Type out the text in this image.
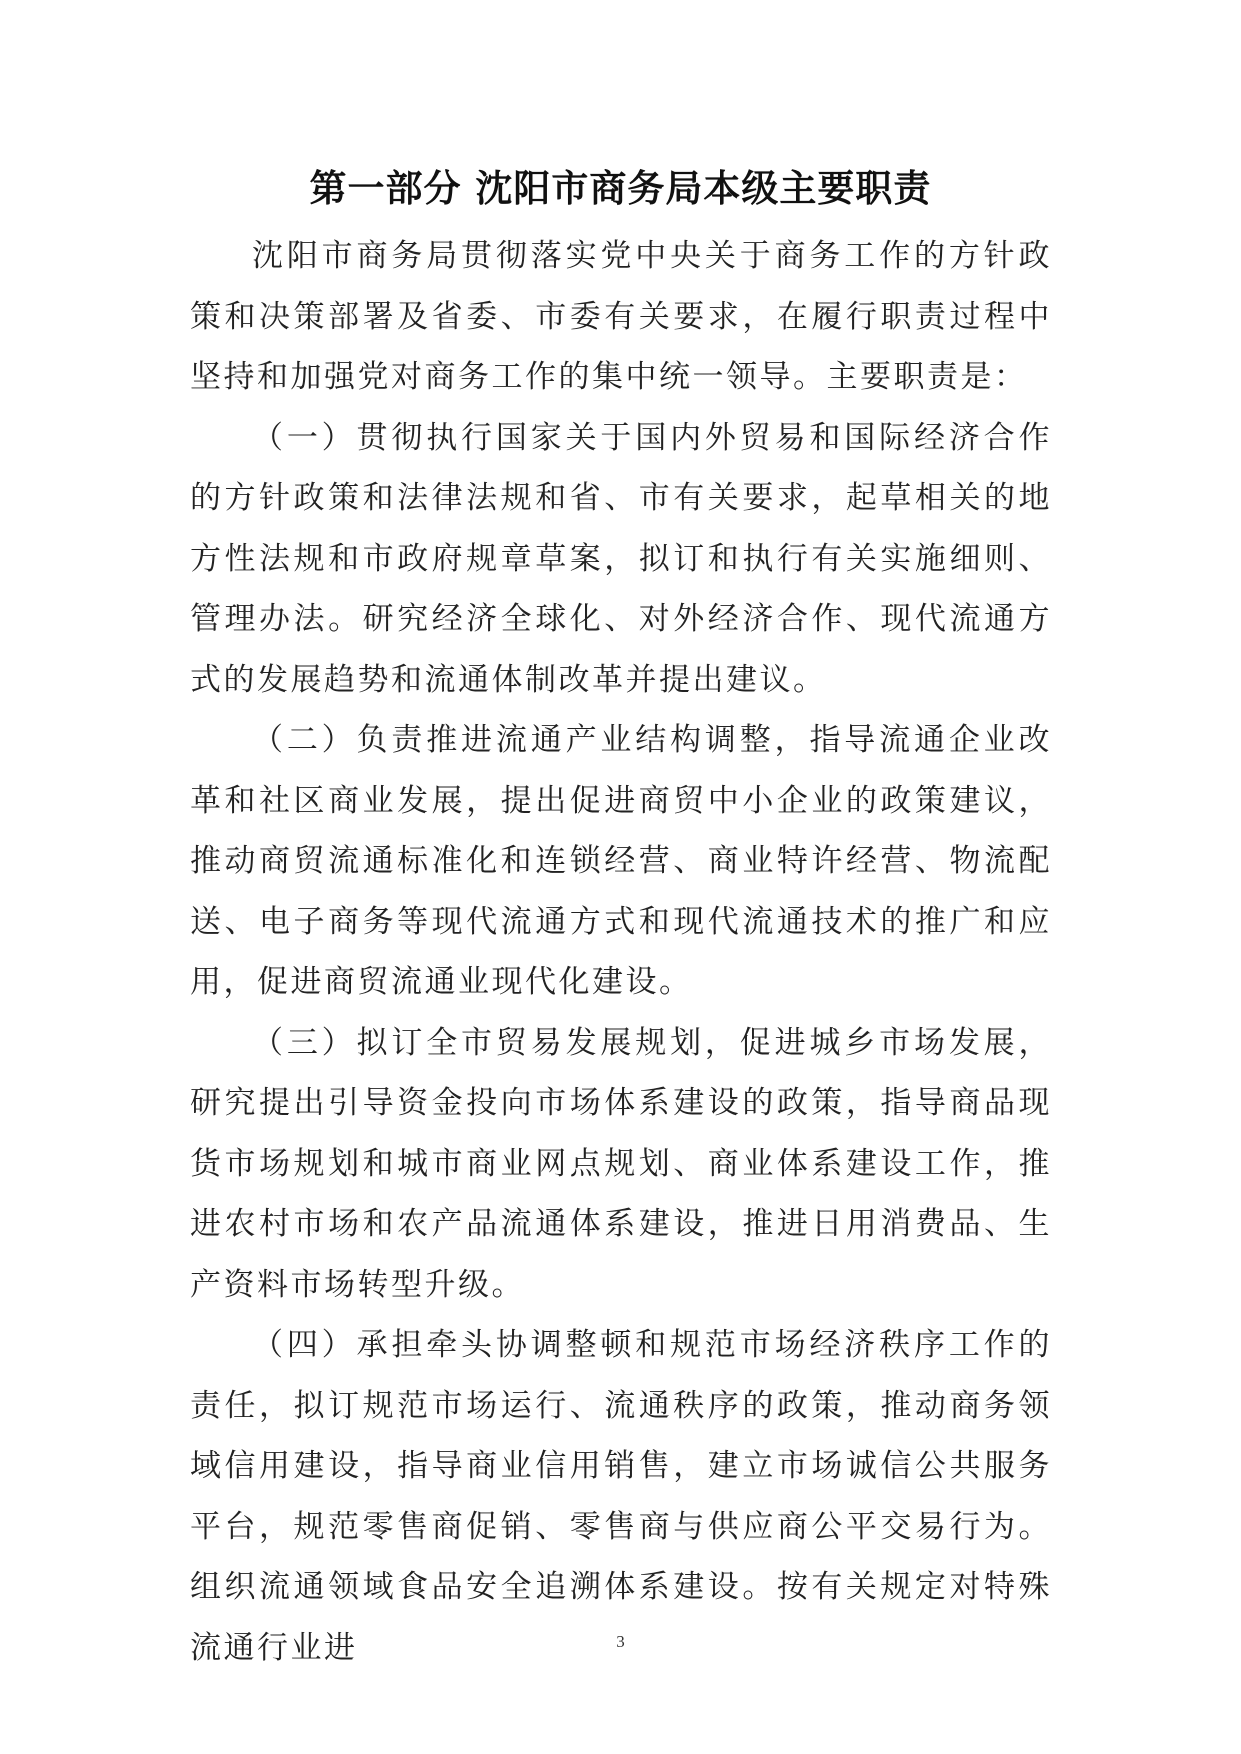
第一部分 沈阳市商务局本级主要职责

沈阳市商务局贯彻落实党中央关于商务工作的方针政策和决策部署及省委、市委有关要求，在履行职责过程中坚持和加强党对商务工作的集中统一领导。主要职责是：

（一）贯彻执行国家关于国内外贸易和国际经济合作的方针政策和法律法规和省、市有关要求，起草相关的地方性法规和市政府规章草案，拟订和执行有关实施细则、管理办法。研究经济全球化、对外经济合作、现代流通方式的发展趋势和流通体制改革并提出建议。

（二）负责推进流通产业结构调整，指导流通企业改革和社区商业发展，提出促进商贸中小企业的政策建议，推动商贸流通标准化和连锁经营、商业特许经营、物流配送、电子商务等现代流通方式和现代流通技术的推广和应用，促进商贸流通业现代化建设。

（三）拟订全市贸易发展规划，促进城乡市场发展，研究提出引导资金投向市场体系建设的政策，指导商品现货市场规划和城市商业网点规划、商业体系建设工作，推进农村市场和农产品流通体系建设，推进日用消费品、生产资料市场转型升级。

（四）承担牵头协调整顿和规范市场经济秩序工作的责任，拟订规范市场运行、流通秩序的政策，推动商务领域信用建设，指导商业信用销售，建立市场诚信公共服务平台，规范零售商促销、零售商与供应商公平交易行为。组织流通领域食品安全追溯体系建设。按有关规定对特殊流通行业进	3
